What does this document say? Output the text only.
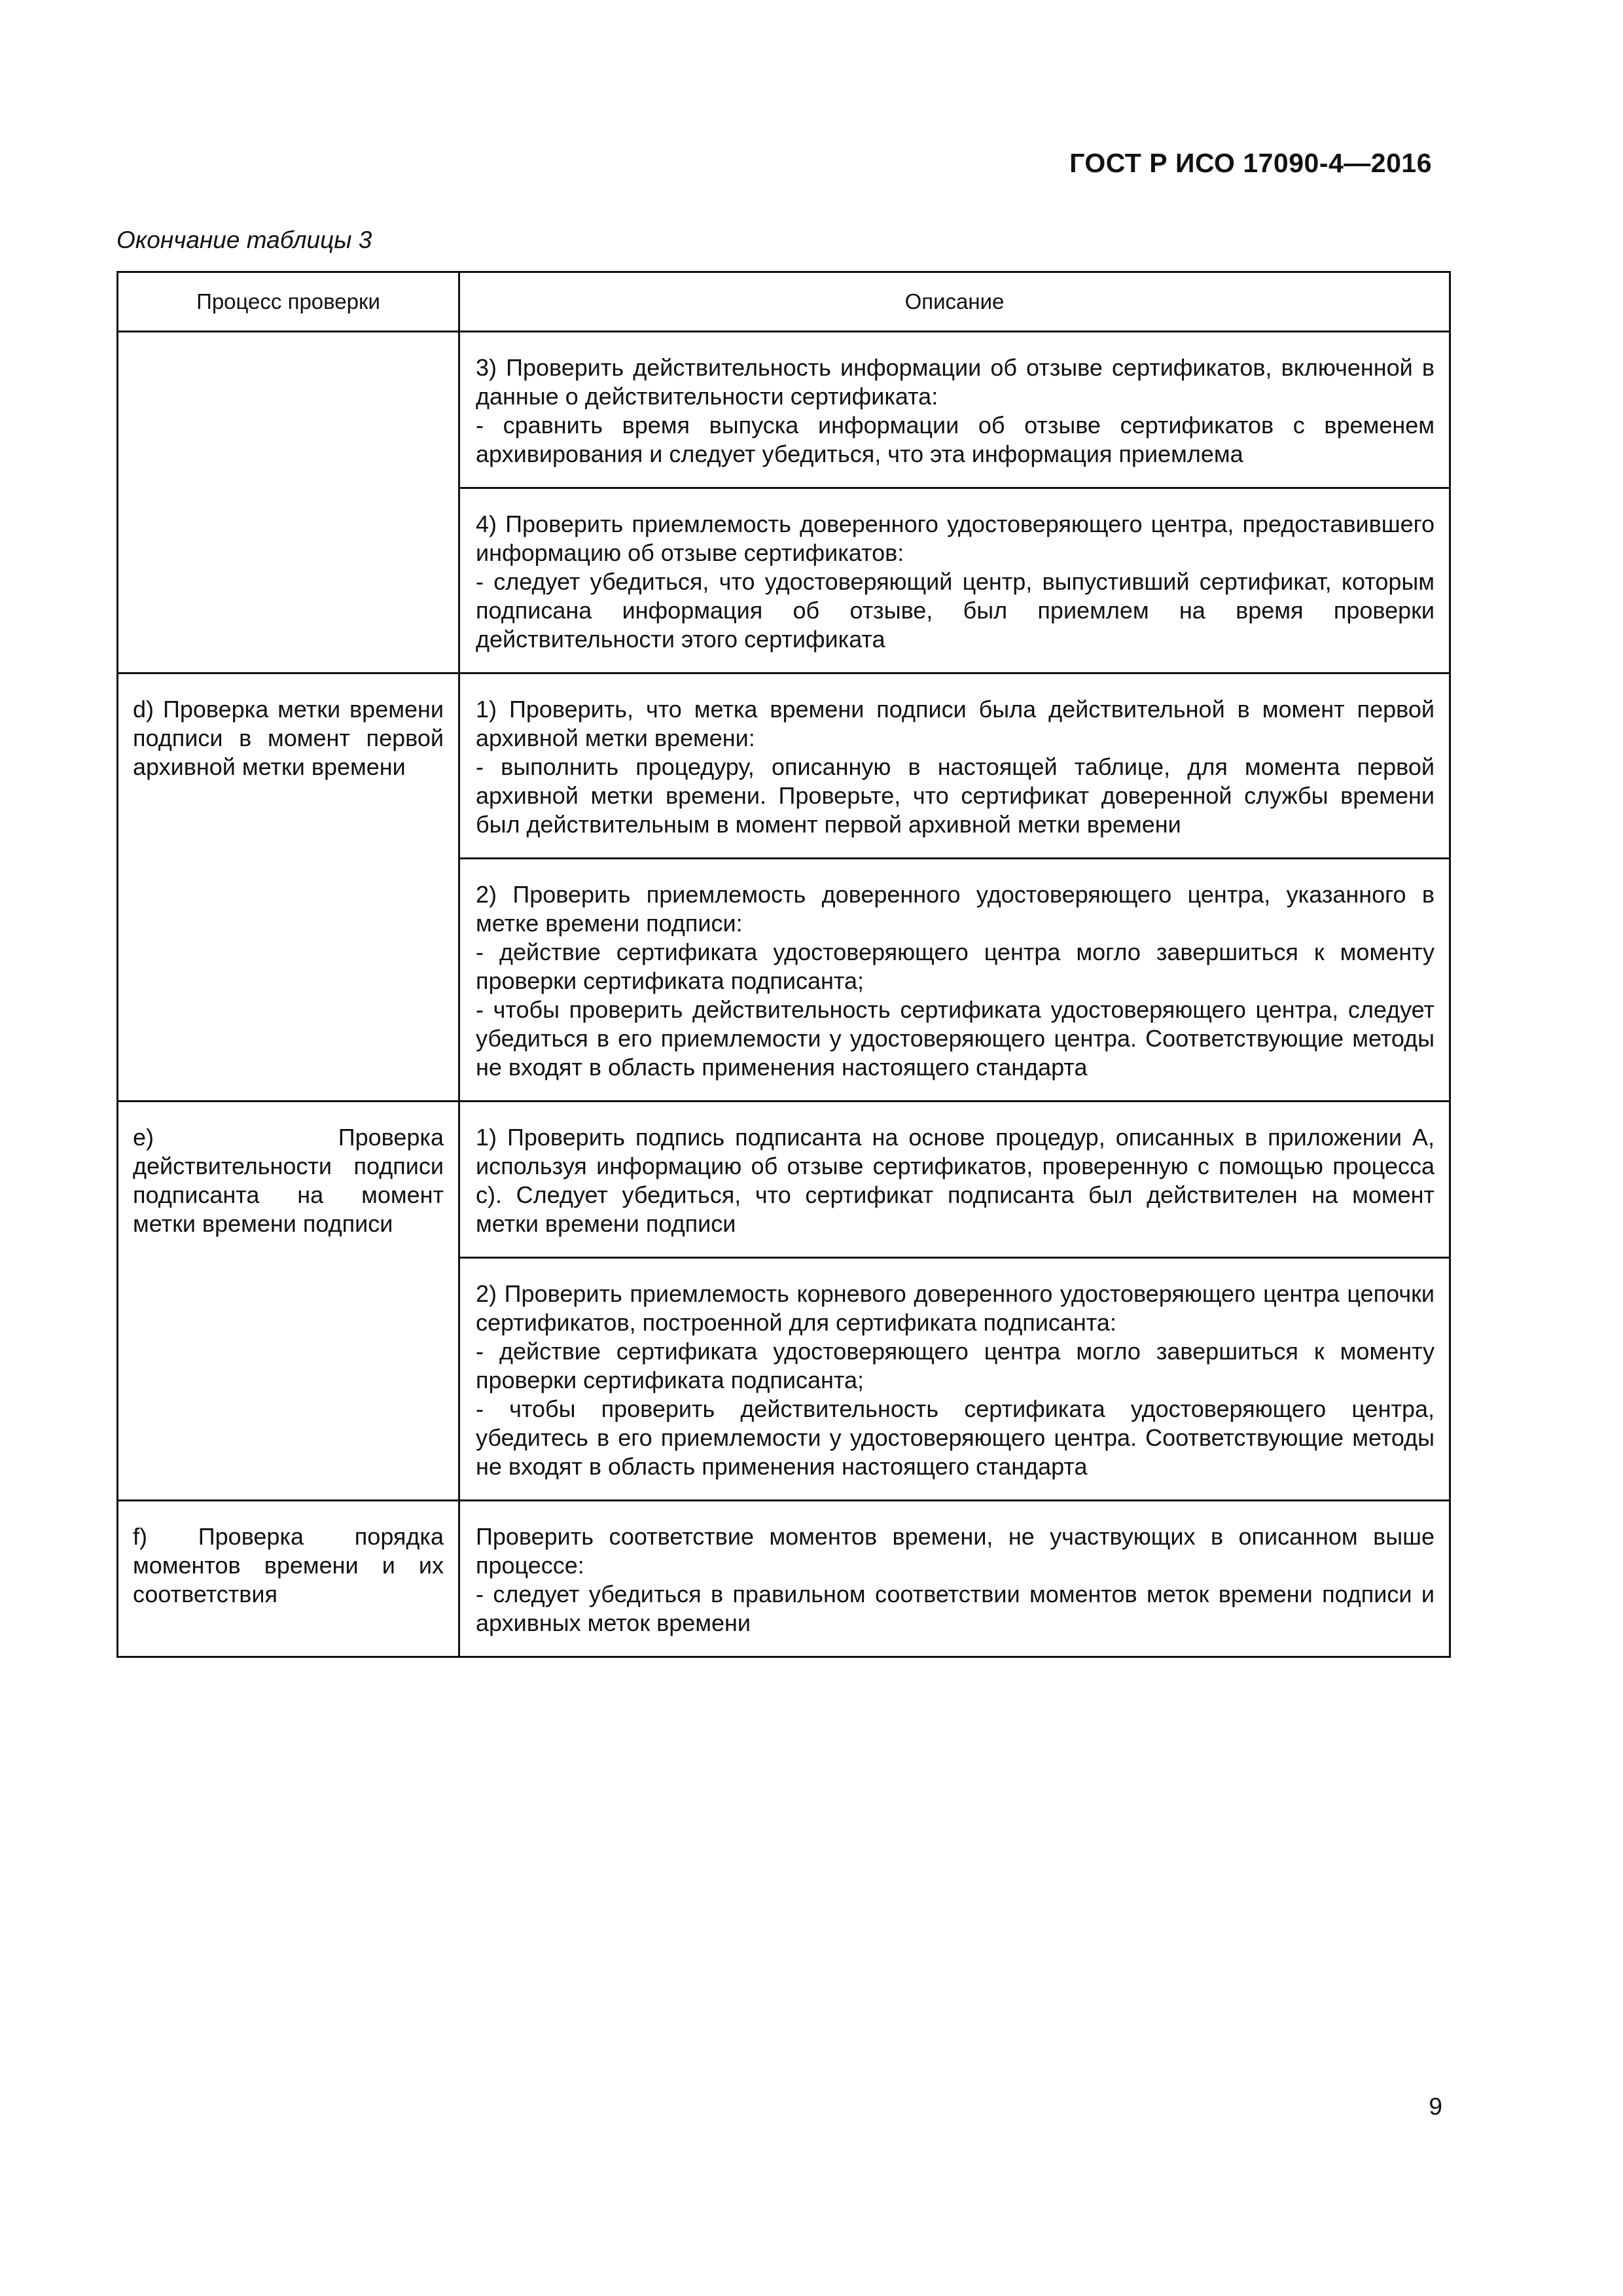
ГОСТ Р ИСО 17090-4—2016
Окончание таблицы 3
Процесс проверки	Описание

	3) Проверить действительность информации об отзыве сертификатов, включенной в данные о действительности сертификата:
- сравнить время выпуска информации об отзыве сертификатов с временем архивирования и следует убедиться, что эта информация приемлема

	4) Проверить приемлемость доверенного удостоверяющего центра, предоставившего информацию об отзыве сертификатов:
- следует убедиться, что удостоверяющий центр, выпустивший сертификат, которым подписана информация об отзыве, был приемлем на время проверки действительности этого сертификата

d) Проверка метки времени подписи в момент первой архивной метки времени	1) Проверить, что метка времени подписи была действительной в момент первой архивной метки времени:
- выполнить процедуру, описанную в настоящей таблице, для момента первой архивной метки времени. Проверьте, что сертификат доверенной службы времени был действительным в момент первой архивной метки времени

	2) Проверить приемлемость доверенного удостоверяющего центра, указанного в метке времени подписи:
- действие сертификата удостоверяющего центра могло завершиться к моменту проверки сертификата подписанта;
- чтобы проверить действительность сертификата удостоверяющего центра, следует убедиться в его приемлемости у удостоверяющего центра. Соответствующие методы не входят в область применения настоящего стандарта

e) Проверка действительности подписи подписанта на момент метки времени подписи	1) Проверить подпись подписанта на основе процедур, описанных в приложении А, используя информацию об отзыве сертификатов, проверенную с помощью процесса c). Следует убедиться, что сертификат подписанта был действителен на момент метки времени подписи

	2) Проверить приемлемость корневого доверенного удостоверяющего центра цепочки сертификатов, построенной для сертификата подписанта:
- действие сертификата удостоверяющего центра могло завершиться к моменту проверки сертификата подписанта;
- чтобы проверить действительность сертификата удостоверяющего центра, убедитесь в его приемлемости у удостоверяющего центра. Соответствующие методы не входят в область применения настоящего стандарта

f) Проверка порядка моментов времени и их соответствия	Проверить соответствие моментов времени, не участвующих в описанном выше процессе:
- следует убедиться в правильном соответствии моментов меток времени подписи и архивных меток времени
9
